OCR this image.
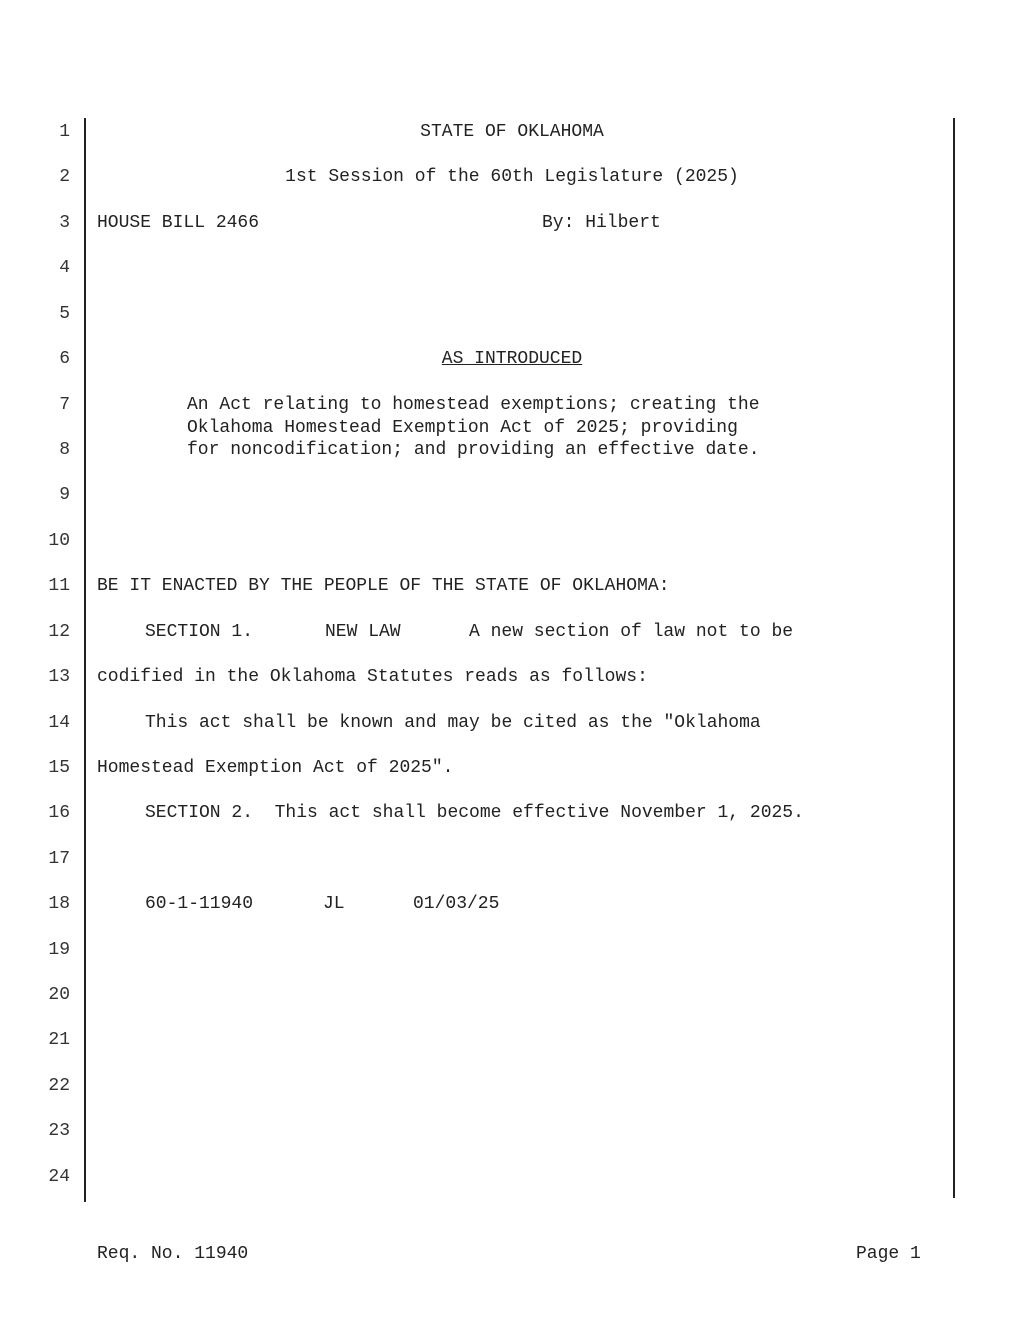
1
2
3
4
5
6
7
8
9
10
11
12
13
14
15
16
17
18
19
20
21
22
23
24
STATE OF OKLAHOMA
1st Session of the 60th Legislature (2025)
HOUSE BILL 2466	By: Hilbert
AS INTRODUCED
An Act relating to homestead exemptions; creating the
Oklahoma Homestead Exemption Act of 2025; providing
for noncodification; and providing an effective date.
BE IT ENACTED BY THE PEOPLE OF THE STATE OF OKLAHOMA:
SECTION 1.	NEW LAW	A new section of law not to be
codified in the Oklahoma Statutes reads as follows:
This act shall be known and may be cited as the "Oklahoma
Homestead Exemption Act of 2025".
SECTION 2.  This act shall become effective November 1, 2025.
60-1-11940	JL	01/03/25
Req. No. 11940	Page 1
